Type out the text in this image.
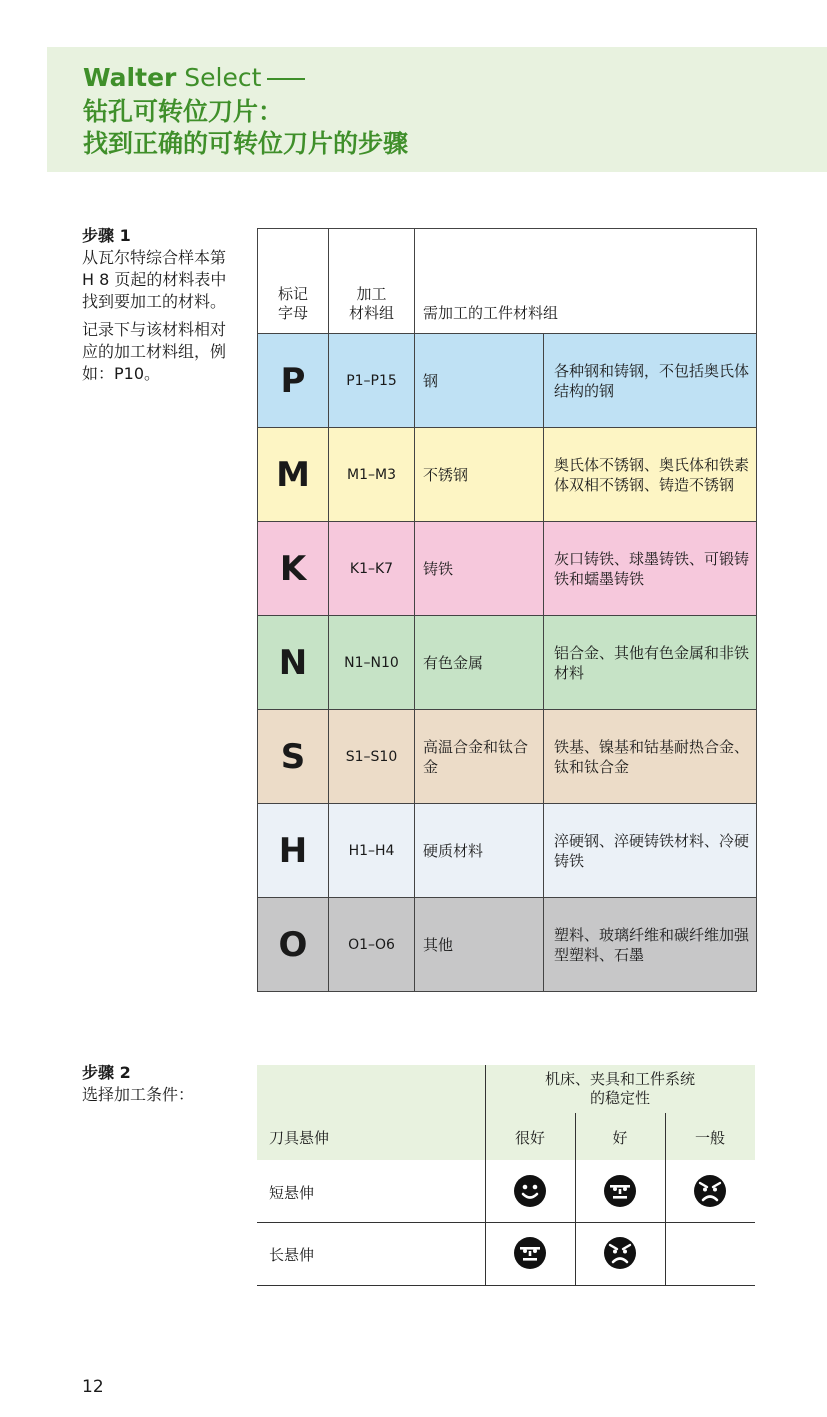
Walter Select
钻孔可转位刀片：
找到正确的可转位刀片的步骤
步骤 1

从瓦尔特综合样本第 H 8 页起的材料表中找到要加工的材料。

记录下与该材料相对应的加工材料组，例如：P10。

标记
字母	加工
材料组	需加工的工件材料组	
P	P1–P15	钢	各种钢和铸钢，不包括奥氏体结构的钢
M	M1–M3	不锈钢	奥氏体不锈钢、奥氏体和铁素体双相不锈钢、铸造不锈钢
K	K1–K7	铸铁	灰口铸铁、球墨铸铁、可锻铸铁和蠕墨铸铁
N	N1–N10	有色金属	铝合金、其他有色金属和非铁材料
S	S1–S10	高温合金和钛合金	铁基、镍基和钴基耐热合金、钛和钛合金
H	H1–H4	硬质材料	淬硬钢、淬硬铸铁材料、冷硬铸铁
O	O1–O6	其他	塑料、玻璃纤维和碳纤维加强型塑料、石墨
步骤 2

选择加工条件：

机床、夹具和工件系统
的稳定性
刀具悬伸	很好	好	一般
短悬伸
长悬伸
12
